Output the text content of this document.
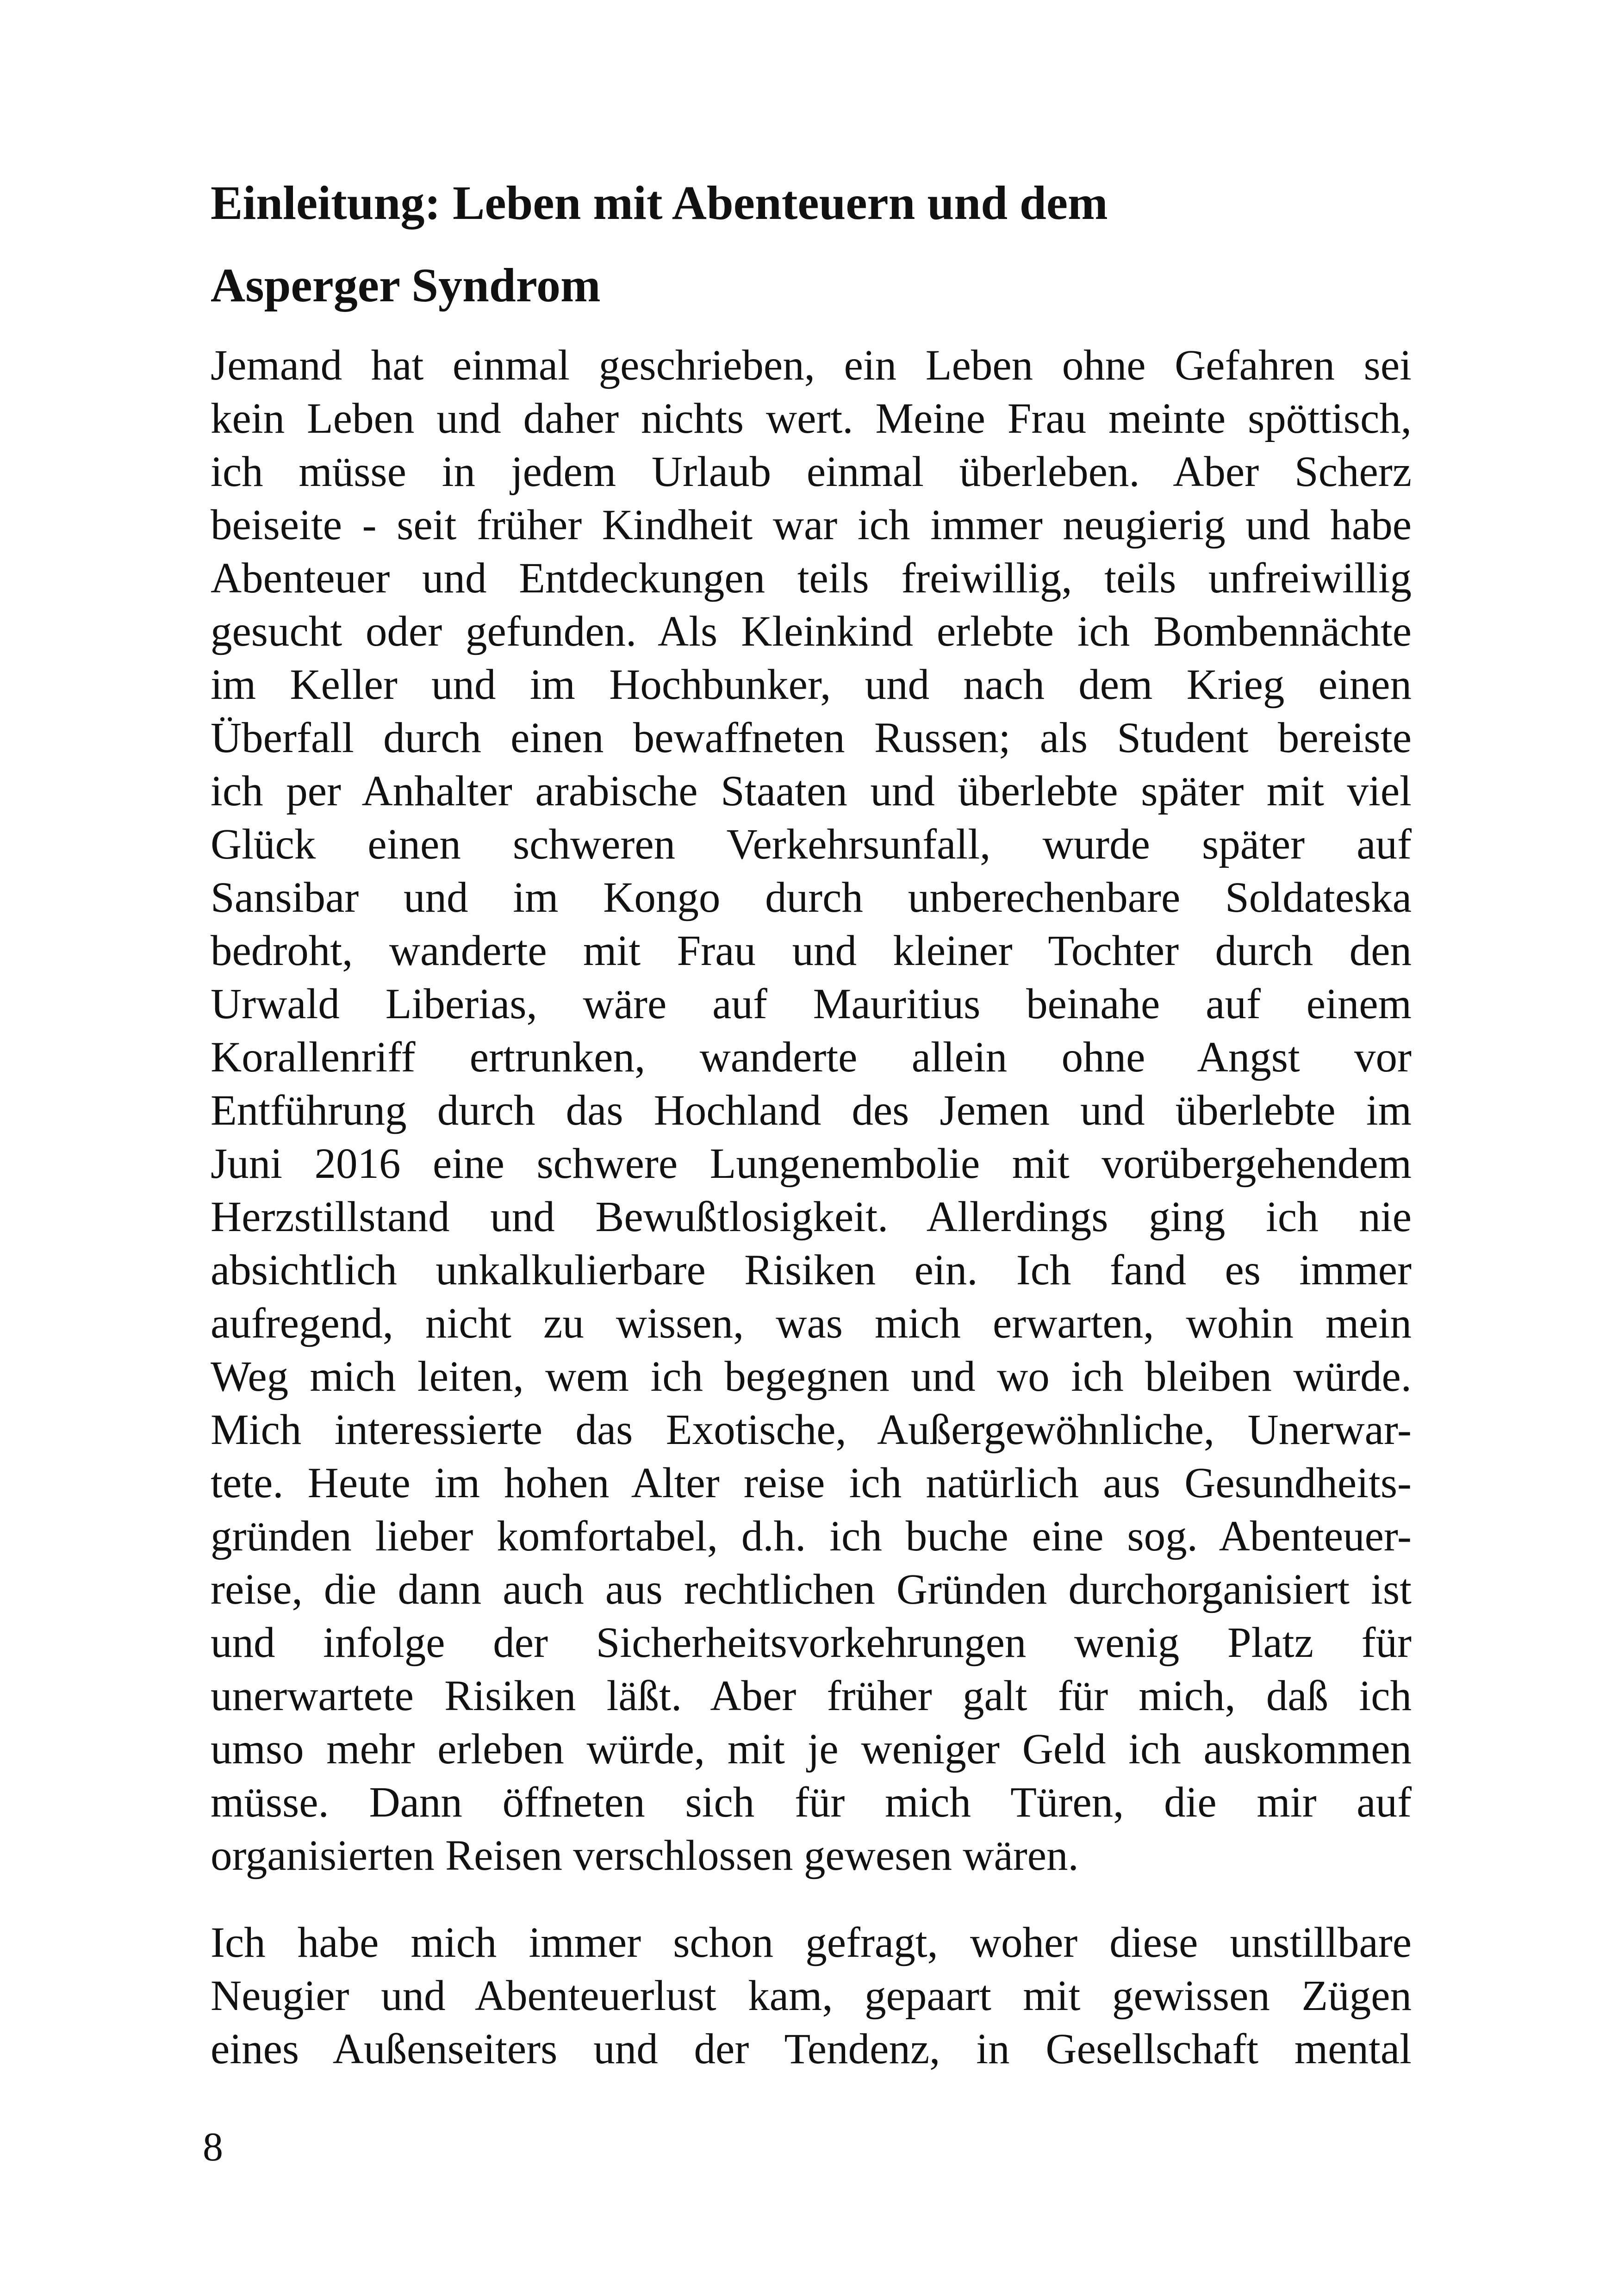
Einleitung: Leben mit Abenteuern und dem
Asperger Syndrom
Jemand hat einmal geschrieben, ein Leben ohne Gefahren sei
kein Leben und daher nichts wert. Meine Frau meinte spöttisch,
ich müsse in jedem Urlaub einmal überleben. Aber Scherz
beiseite - seit früher Kindheit war ich immer neugierig und habe
Abenteuer und Entdeckungen teils freiwillig, teils unfreiwillig
gesucht oder gefunden. Als Kleinkind erlebte ich Bombennächte
im Keller und im Hochbunker, und nach dem Krieg einen
Überfall durch einen bewaffneten Russen; als Student bereiste
ich per Anhalter arabische Staaten und überlebte später mit viel
Glück einen schweren Verkehrsunfall, wurde später auf
Sansibar und im Kongo durch unberechenbare Soldateska
bedroht, wanderte mit Frau und kleiner Tochter durch den
Urwald Liberias, wäre auf Mauritius beinahe auf einem
Korallenriff ertrunken, wanderte allein ohne Angst vor
Entführung durch das Hochland des Jemen und überlebte im
Juni 2016 eine schwere Lungenembolie mit vorübergehendem
Herzstillstand und Bewußtlosigkeit. Allerdings ging ich nie
absichtlich unkalkulierbare Risiken ein. Ich fand es immer
aufregend, nicht zu wissen, was mich erwarten, wohin mein
Weg mich leiten, wem ich begegnen und wo ich bleiben würde.
Mich interessierte das Exotische, Außergewöhnliche, Unerwar-
tete. Heute im hohen Alter reise ich natürlich aus Gesundheits-
gründen lieber komfortabel, d.h. ich buche eine sog. Abenteuer-
reise, die dann auch aus rechtlichen Gründen durchorganisiert ist
und infolge der Sicherheitsvorkehrungen wenig Platz für
unerwartete Risiken läßt. Aber früher galt für mich, daß ich
umso mehr erleben würde, mit je weniger Geld ich auskommen
müsse. Dann öffneten sich für mich Türen, die mir auf
organisierten Reisen verschlossen gewesen wären.
Ich habe mich immer schon gefragt, woher diese unstillbare
Neugier und Abenteuerlust kam, gepaart mit gewissen Zügen
eines Außenseiters und der Tendenz, in Gesellschaft mental
8
